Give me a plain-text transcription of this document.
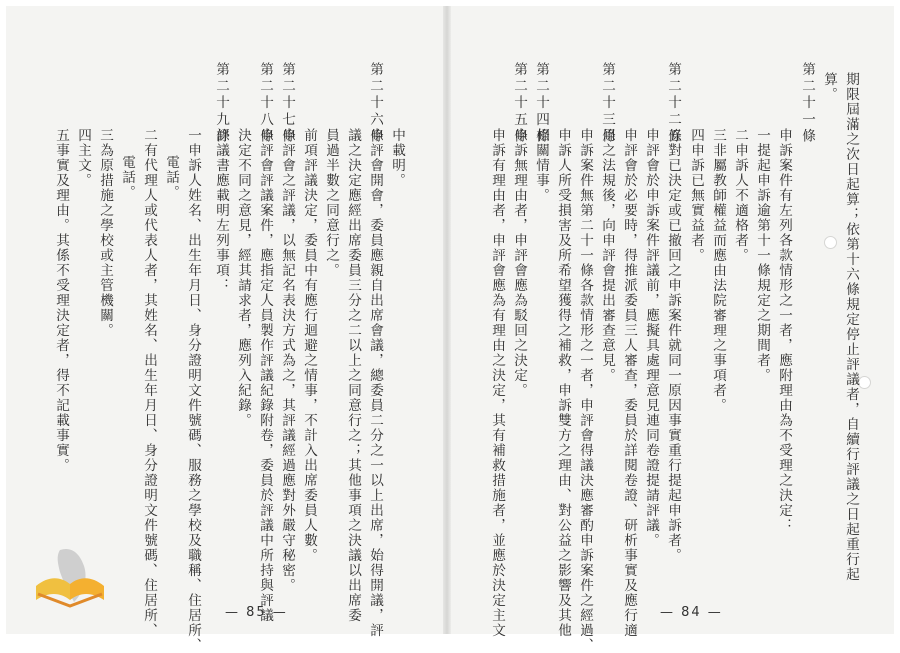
期限屆滿之次日起算；依第十六條規定停止評議者，自續行評議之日起重行起
算。
第二十一條
申訴案件有左列各款情形之一者，應附理由為不受理之決定：
一提起申訴逾第十一條規定之期間者。
二申訴人不適格者。
三非屬教師權益而應由法院審理之事項者。
四申訴已無實益者。
五對已決定或已撤回之申訴案件就同一原因事實重行提起申訴者。
第二十二條
申評會於申訴案件評議前，應擬具處理意見連同卷證提請評議。
申評會於必要時，得推派委員三人審查，委員於詳閱卷證、研析事實及應行適
用之法規後，向申評會提出審查意見。
第二十三條
申訴案件無第二十一條各款情形之一者，申評會得議決應審酌申訴案件之經過、
申訴人所受損害及所希望獲得之補救，申訴雙方之理由、對公益之影響及其他
相關情事。
第二十四條
申訴無理由者，申評會應為駁回之決定。
第二十五條
申訴有理由者，申評會應為有理由之決定，其有補救措施者，並應於決定主文
中載明。
申評會開會，委員應親自出席會議，總委員二分之一以上出席，始得開議，評
第二十六條
議之決定應經出席委員三分之二以上之同意行之；其他事項之決議以出席委
員過半數之同意行之。
前項評議決定，委員中有應行迴避之情事，不計入出席委員人數。
申評會之評議，以無記名表決方式為之，其評議經過應對外嚴守秘密。
第二十七條
申評會評議案件，應指定人員製作評議紀錄附卷，委員於評議中所持與評議
第二十八條
決定不同之意見，經其請求者，應列入紀錄。
評議書應載明左列事項：
第二十九條
一申訴人姓名、出生年月日、身分證明文件號碼、服務之學校及職稱、住居所、
電話。
二有代理人或代表人者，其姓名、出生年月日、身分證明文件號碼、住居所、
電話。
三為原措施之學校或主管機關。
四主文。
五事實及理由。其係不受理決定者，得不記載事實。
— 85 —	— 84 —
